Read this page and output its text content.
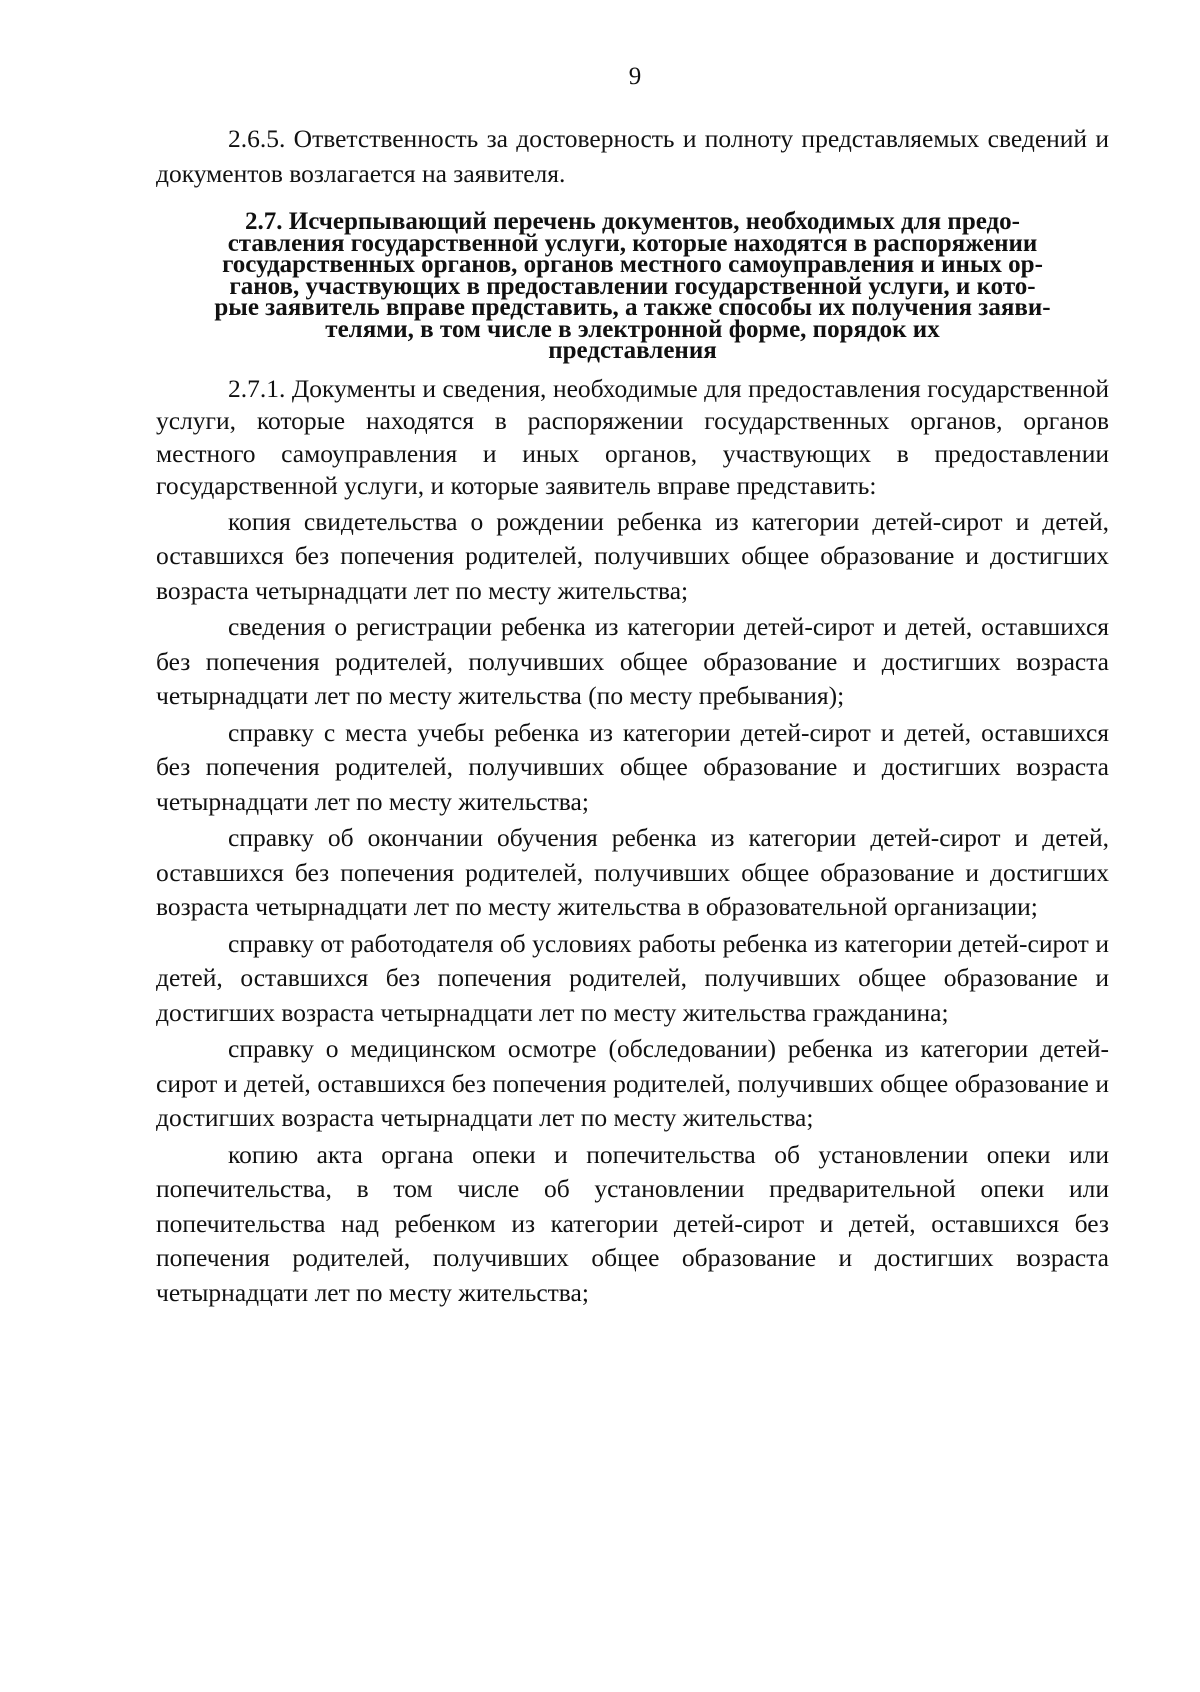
9

2.6.5. Ответственность за достоверность и полноту представляемых сведений и документов возлагается на заявителя.

2.7. Исчерпывающий перечень документов, необходимых для предо-
ставления государственной услуги, которые находятся в распоряжении
государственных органов, органов местного самоуправления и иных ор-
ганов, участвующих в предоставлении государственной услуги, и кото-
рые заявитель вправе представить, а также способы их получения заяви-
телями, в том числе в электронной форме, порядок их
представления

2.7.1. Документы и сведения, необходимые для предоставления государственной услуги, которые находятся в распоряжении государственных органов, органов местного самоуправления и иных органов, участвующих в предоставлении государственной услуги, и которые заявитель вправе представить:

копия свидетельства о рождении ребенка из категории детей-сирот и детей, оставшихся без попечения родителей, получивших общее образование и достигших возраста четырнадцати лет по месту жительства;

сведения о регистрации ребенка из категории детей-сирот и детей, оставшихся без попечения родителей, получивших общее образование и достигших возраста четырнадцати лет по месту жительства (по месту пребывания);

справку с места учебы ребенка из категории детей-сирот и детей, оставшихся без попечения родителей, получивших общее образование и достигших возраста четырнадцати лет по месту жительства;

справку об окончании обучения ребенка из категории детей-сирот и детей, оставшихся без попечения родителей, получивших общее образование и достигших возраста четырнадцати лет по месту жительства в образовательной организации;

справку от работодателя об условиях работы ребенка из категории детей-сирот и детей, оставшихся без попечения родителей, получивших общее образование и достигших возраста четырнадцати лет по месту жительства гражданина;

справку о медицинском осмотре (обследовании) ребенка из категории детей-сирот и детей, оставшихся без попечения родителей, получивших общее образование и достигших возраста четырнадцати лет по месту жительства;

копию акта органа опеки и попечительства об установлении опеки или попечительства, в том числе об установлении предварительной опеки или попечительства над ребенком из категории детей-сирот и детей, оставшихся без попечения родителей, получивших общее образование и достигших возраста четырнадцати лет по месту жительства;
